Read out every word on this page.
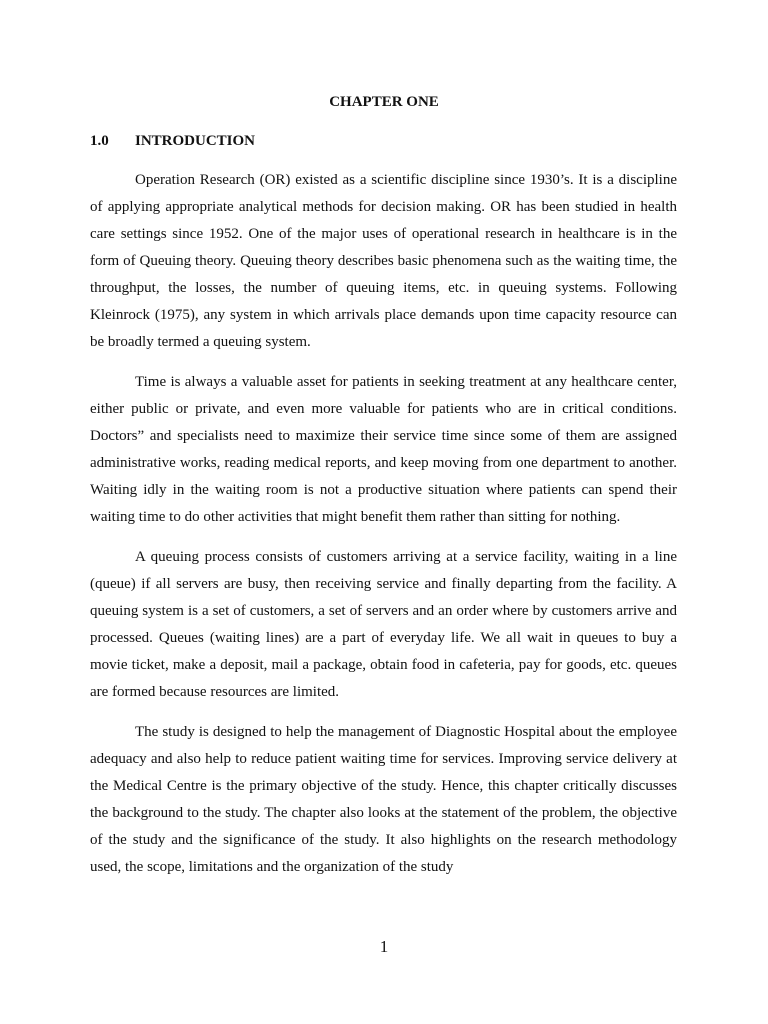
CHAPTER ONE
1.0 INTRODUCTION

Operation Research (OR) existed as a scientific discipline since 1930’s. It is a discipline of applying appropriate analytical methods for decision making. OR has been studied in health care settings since 1952. One of the major uses of operational research in healthcare is in the form of Queuing theory. Queuing theory describes basic phenomena such as the waiting time, the throughput, the losses, the number of queuing items, etc. in queuing systems. Following Kleinrock (1975), any system in which arrivals place demands upon time capacity resource can be broadly termed a queuing system.

Time is always a valuable asset for patients in seeking treatment at any healthcare center, either public or private, and even more valuable for patients who are in critical conditions. Doctors” and specialists need to maximize their service time since some of them are assigned administrative works, reading medical reports, and keep moving from one department to another. Waiting idly in the waiting room is not a productive situation where patients can spend their waiting time to do other activities that might benefit them rather than sitting for nothing.

A queuing process consists of customers arriving at a service facility, waiting in a line (queue) if all servers are busy, then receiving service and finally departing from the facility. A queuing system is a set of customers, a set of servers and an order where by customers arrive and processed. Queues (waiting lines) are a part of everyday life. We all wait in queues to buy a movie ticket, make a deposit, mail a package, obtain food in cafeteria, pay for goods, etc. queues are formed because resources are limited.

The study is designed to help the management of Diagnostic Hospital about the employee adequacy and also help to reduce patient waiting time for services. Improving service delivery at the Medical Centre is the primary objective of the study. Hence, this chapter critically discusses the background to the study. The chapter also looks at the statement of the problem, the objective of the study and the significance of the study. It also highlights on the research methodology used, the scope, limitations and the organization of the study

1
